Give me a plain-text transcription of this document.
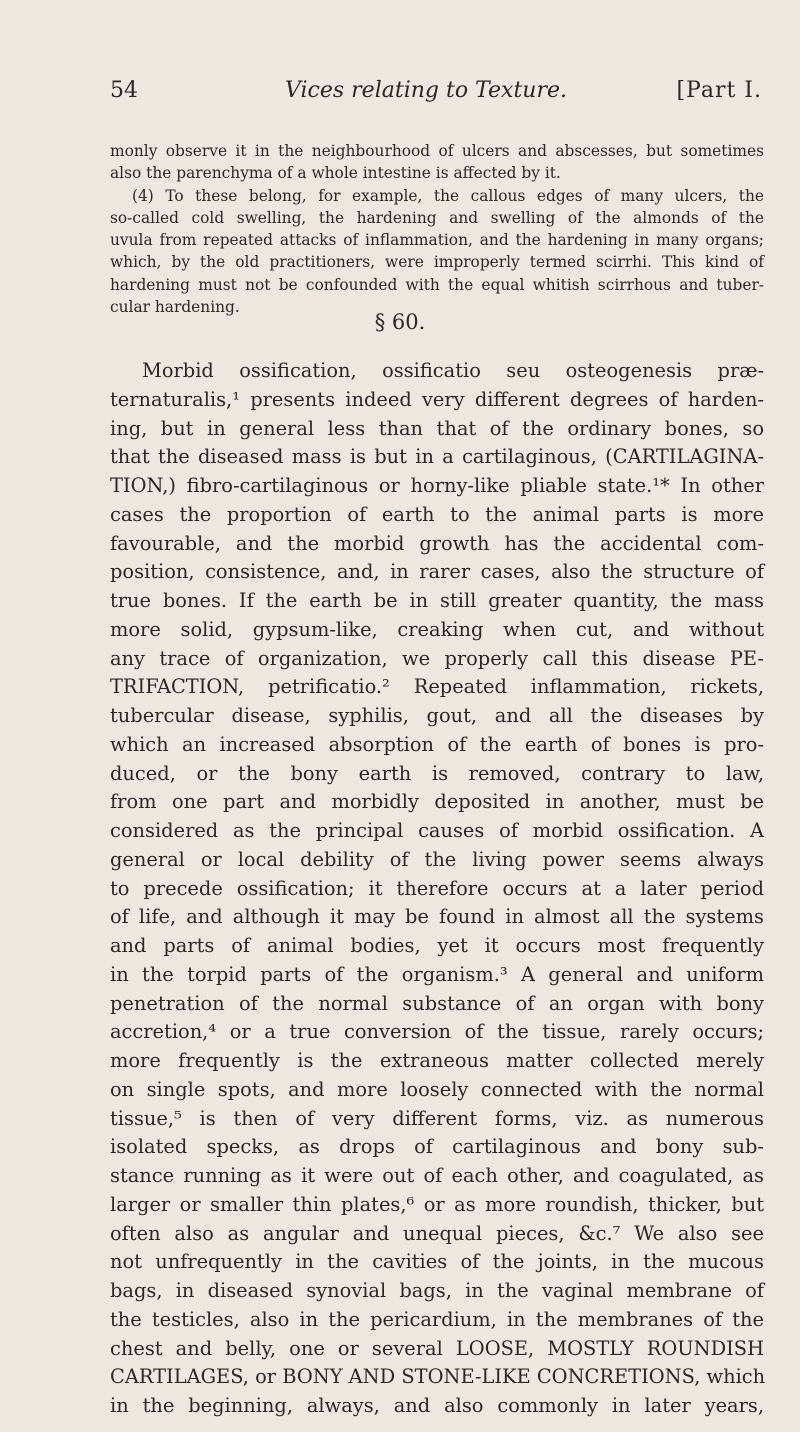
54	Vices relating to Texture.	[Part I.
monly observe it in the neighbourhood of ulcers and abscesses, but sometimes
also the parenchyma of a whole intestine is affected by it.
(4) To these belong, for example, the callous edges of many ulcers, the
so-called cold swelling, the hardening and swelling of the almonds of the
uvula from repeated attacks of inflammation, and the hardening in many organs;
which, by the old practitioners, were improperly termed scirrhi. This kind of
hardening must not be confounded with the equal whitish scirrhous and tuber-
cular hardening.
§ 60.
Morbid ossification, ossificatio seu osteogenesis præ-
ternaturalis,¹ presents indeed very different degrees of harden-
ing, but in general less than that of the ordinary bones, so
that the diseased mass is but in a cartilaginous, (CARTILAGINA-
TION,) fibro-cartilaginous or horny-like pliable state.¹* In other
cases the proportion of earth to the animal parts is more
favourable, and the morbid growth has the accidental com-
position, consistence, and, in rarer cases, also the structure of
true bones. If the earth be in still greater quantity, the mass
more solid, gypsum-like, creaking when cut, and without
any trace of organization, we properly call this disease PE-
TRIFACTION, petrificatio.² Repeated inflammation, rickets,
tubercular disease, syphilis, gout, and all the diseases by
which an increased absorption of the earth of bones is pro-
duced, or the bony earth is removed, contrary to law,
from one part and morbidly deposited in another, must be
considered as the principal causes of morbid ossification. A
general or local debility of the living power seems always
to precede ossification; it therefore occurs at a later period
of life, and although it may be found in almost all the systems
and parts of animal bodies, yet it occurs most frequently
in the torpid parts of the organism.³ A general and uniform
penetration of the normal substance of an organ with bony
accretion,⁴ or a true conversion of the tissue, rarely occurs;
more frequently is the extraneous matter collected merely
on single spots, and more loosely connected with the normal
tissue,⁵ is then of very different forms, viz. as numerous
isolated specks, as drops of cartilaginous and bony sub-
stance running as it were out of each other, and coagulated, as
larger or smaller thin plates,⁶ or as more roundish, thicker, but
often also as angular and unequal pieces, &c.⁷ We also see
not unfrequently in the cavities of the joints, in the mucous
bags, in diseased synovial bags, in the vaginal membrane of
the testicles, also in the pericardium, in the membranes of the
chest and belly, one or several LOOSE, MOSTLY ROUNDISH
CARTILAGES, or BONY AND STONE-LIKE CONCRETIONS, which
in the beginning, always, and also commonly in later years,
